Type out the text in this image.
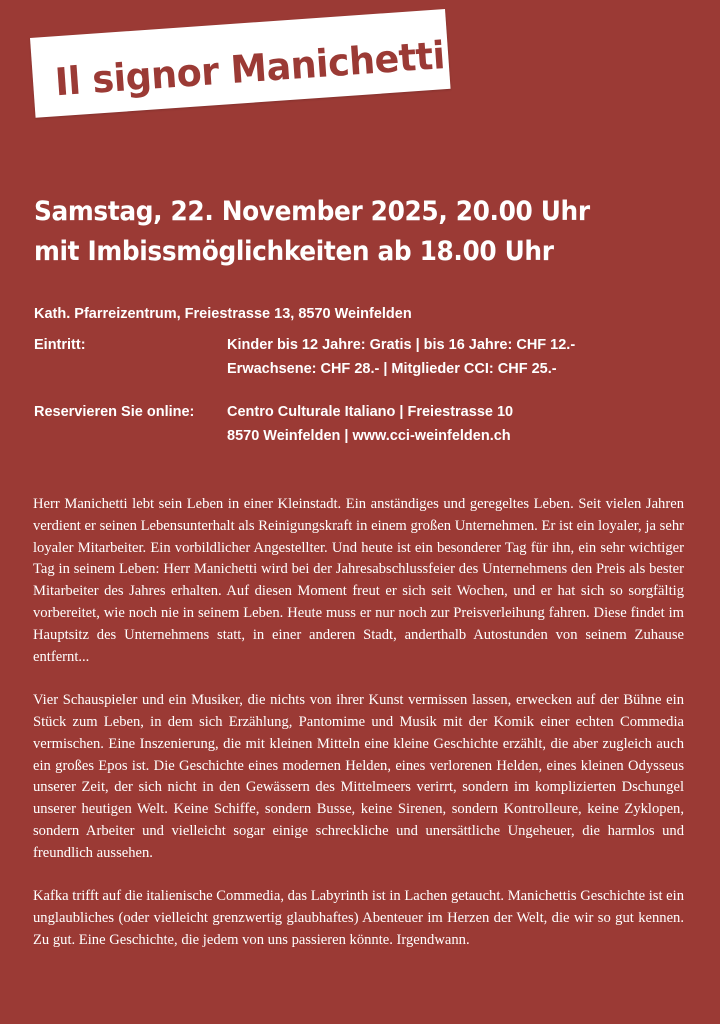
Il signor Manichetti
Samstag, 22. November 2025, 20.00 Uhr
mit Imbissmöglichkeiten ab 18.00 Uhr
Kath. Pfarreizentrum, Freiestrasse 13, 8570 Weinfelden
Eintritt:	Kinder bis 12 Jahre: Gratis | bis 16 Jahre: CHF 12.-
Erwachsene: CHF 28.- | Mitglieder CCI: CHF 25.-
Reservieren Sie online:	Centro Culturale Italiano | Freiestrasse 10
8570 Weinfelden | www.cci-weinfelden.ch

Herr Manichetti lebt sein Leben in einer Kleinstadt. Ein anständiges und geregeltes Leben. Seit vielen Jahren verdient er seinen Lebensunterhalt als Reinigungskraft in einem großen Unternehmen. Er ist ein loyaler, ja sehr loyaler Mitarbeiter. Ein vorbildlicher Angestellter. Und heute ist ein besonderer Tag für ihn, ein sehr wichtiger Tag in seinem Leben: Herr Manichetti wird bei der Jahresabschlussfeier des Unternehmens den Preis als bester Mitarbeiter des Jahres erhalten. Auf diesen Moment freut er sich seit Wochen, und er hat sich so sorgfältig vorbereitet, wie noch nie in seinem Leben. Heute muss er nur noch zur Preisverleihung fahren. Diese findet im Hauptsitz des Unternehmens statt, in einer anderen Stadt, anderthalb Autostunden von seinem Zuhause entfernt...

Vier Schauspieler und ein Musiker, die nichts von ihrer Kunst vermissen lassen, erwecken auf der Bühne ein Stück zum Leben, in dem sich Erzählung, Pantomime und Musik mit der Komik einer echten Commedia vermischen. Eine Inszenierung, die mit kleinen Mitteln eine kleine Geschichte erzählt, die aber zugleich auch ein großes Epos ist. Die Geschichte eines modernen Helden, eines verlorenen Helden, eines kleinen Odysseus unserer Zeit, der sich nicht in den Gewässern des Mittelmeers verirrt, sondern im komplizierten Dschungel unserer heutigen Welt. Keine Schiffe, sondern Busse, keine Sirenen, sondern Kontrolleure, keine Zyklopen, sondern Arbeiter und vielleicht sogar einige schreckliche und unersättliche Ungeheuer, die harmlos und freundlich aussehen.

Kafka trifft auf die italienische Commedia, das Labyrinth ist in Lachen getaucht. Manichettis Geschichte ist ein unglaubliches (oder vielleicht grenzwertig glaubhaftes) Abenteuer im Herzen der Welt, die wir so gut kennen. Zu gut. Eine Geschichte, die jedem von uns passieren könnte. Irgendwann.
